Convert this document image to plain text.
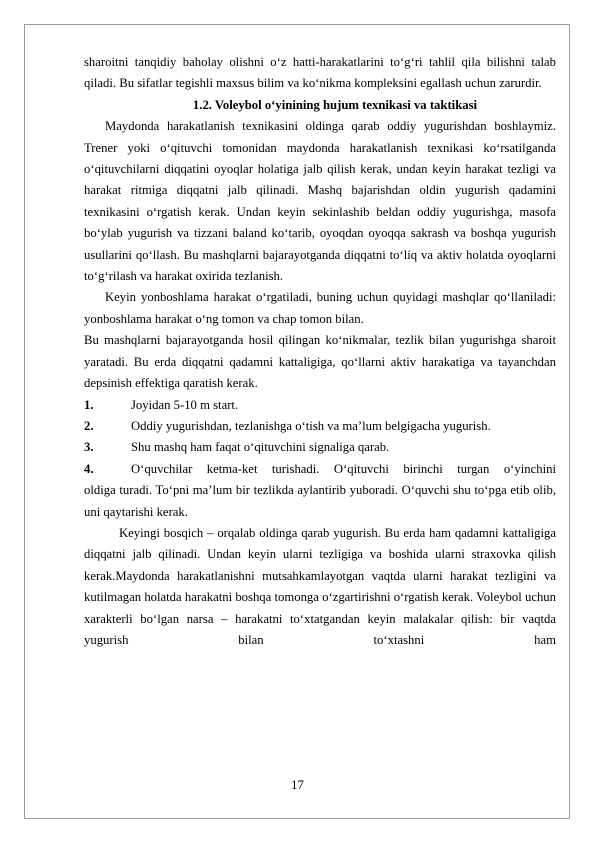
sharoitni tanqidiy baholay olishni o‘z hatti-harakatlarini to‘g‘ri tahlil qila bilishni talab qiladi. Bu sifatlar tegishli maxsus bilim va ko‘nikma kompleksini egallash uchun zarurdir.

1.2. Voleybol o‘yinining hujum texnikasi va taktikasi

Maydonda harakatlanish texnikasini oldinga qarab oddiy yugurishdan boshlaymiz. Trener yoki o‘qituvchi tomonidan maydonda harakatlanish texnikasi ko‘rsatilganda o‘qituvchilarni diqqatini oyoqlar holatiga jalb qilish kerak, undan keyin harakat tezligi va harakat ritmiga diqqatni jalb qilinadi. Mashq bajarishdan oldin yugurish qadamini texnikasini o‘rgatish kerak. Undan keyin sekinlashib beldan oddiy yugurishga, masofa bo‘ylab yugurish va tizzani baland ko‘tarib, oyoqdan oyoqqa sakrash va boshqa yugurish usullarini qo‘llash. Bu mashqlarni bajarayotganda diqqatni to‘liq va aktiv holatda oyoqlarni to‘g‘rilash va harakat oxirida tezlanish.

Keyin yonboshlama harakat o‘rgatiladi, buning uchun quyidagi mashqlar qo‘llaniladi: yonboshlama harakat o‘ng tomon va chap tomon bilan.

Bu mashqlarni bajarayotganda hosil qilingan ko‘nikmalar, tezlik bilan yugurishga sharoit yaratadi. Bu erda diqqatni qadamni kattaligiga, qo‘llarni aktiv harakatiga va tayanchdan depsinish effektiga qaratish kerak.

1.	Joyidan 5-10 m start.
2.	Oddiy yugurishdan, tezlanishga o‘tish va ma’lum belgigacha yugurish.
3.	Shu mashq ham faqat o‘qituvchini signaliga qarab.
4.	O‘quvchilar ketma-ket turishadi. O‘qituvchi birinchi turgan o‘yinchini

oldiga turadi. To‘pni ma’lum bir tezlikda aylantirib yuboradi. O‘quvchi shu to‘pga etib olib, uni qaytarishi kerak.

Keyingi bosqich – orqalab oldinga qarab yugurish. Bu erda ham qadamni kattaligiga diqqatni jalb qilinadi. Undan keyin ularni tezligiga va boshida ularni straxovka qilish kerak.Maydonda harakatlanishni mutsahkamlayotgan vaqtda ularni harakat tezligini va kutilmagan holatda harakatni boshqa tomonga o‘zgartirishni o‘rgatish kerak. Voleybol uchun xarakterli bo‘lgan narsa – harakatni to‘xtatgandan keyin malakalar qilish: bir vaqtda yugurish bilan to‘xtashni ham

17
